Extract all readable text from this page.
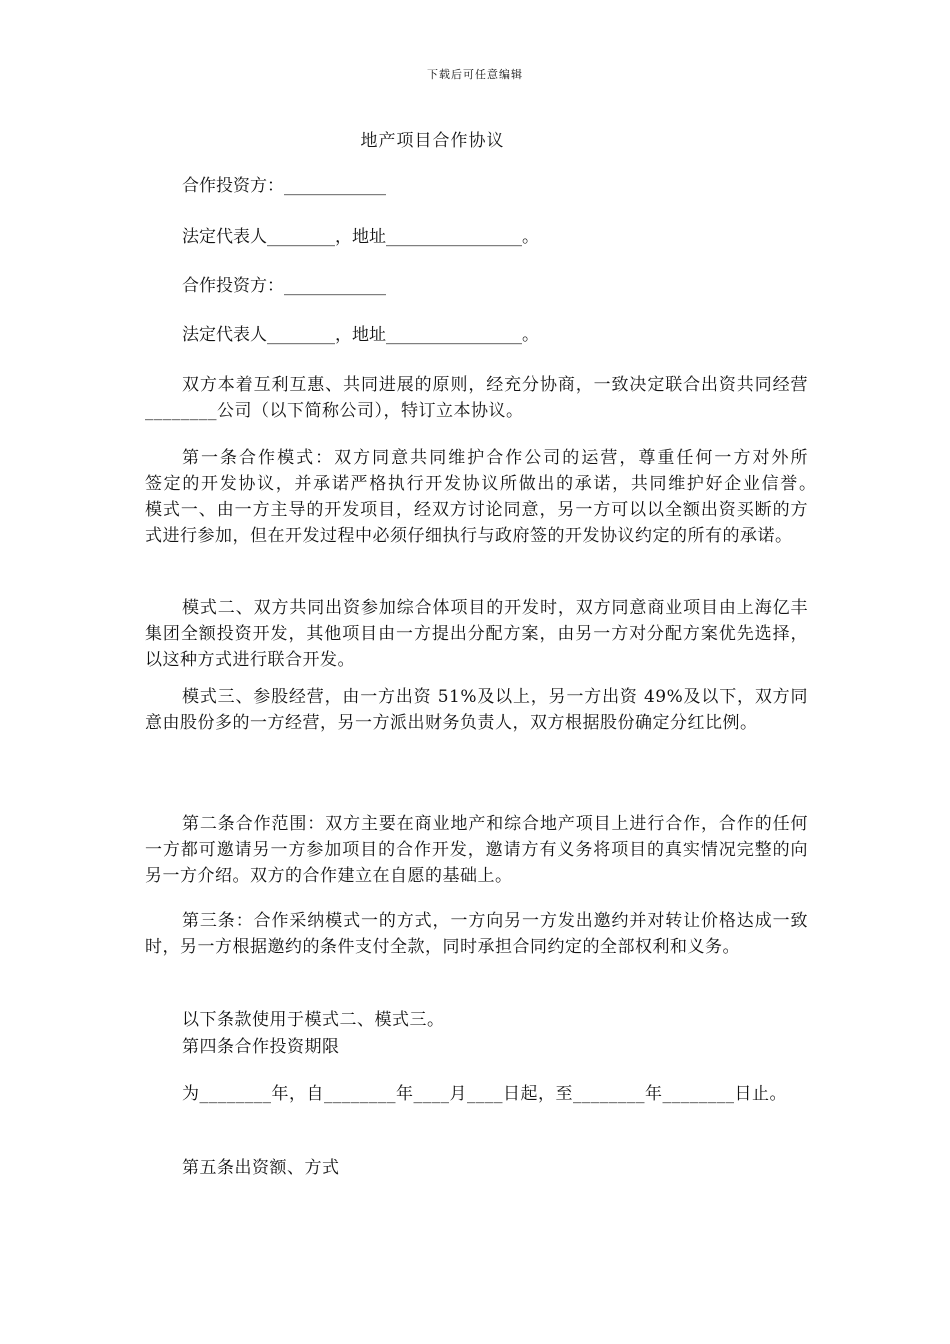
下载后可任意编辑
地产项目合作协议
合作投资方：____________
法定代表人________，地址________________。
合作投资方：____________
法定代表人________，地址________________。

双方本着互利互惠、共同进展的原则，经充分协商，一致决定联合出资共同经营________公司（以下简称公司），特订立本协议。

第一条合作模式：双方同意共同维护合作公司的运营，尊重任何一方对外所　　　签定的开发协议，并承诺严格执行开发协议所做出的承诺，共同维护好企业信誉。　　　　模式一、由一方主导的开发项目，经双方讨论同意，另一方可以以全额出资买断的方式进行参加，但在开发过程中必须仔细执行与政府签的开发协议约定的所有的承诺。

模式二、双方共同出资参加综合体项目的开发时，双方同意商业项目由上海亿丰集团全额投资开发，其他项目由一方提出分配方案，由另一方对分配方案优先选择，以这种方式进行联合开发。

模式三、参股经营，由一方出资 51%及以上，另一方出资 49%及以下，双方同意由股份多的一方经营，另一方派出财务负责人，双方根据股份确定分红比例。

第二条合作范围：双方主要在商业地产和综合地产项目上进行合作，合作的任何一方都可邀请另一方参加项目的合作开发，邀请方有义务将项目的真实情况完整的向另一方介绍。双方的合作建立在自愿的基础上。

第三条：合作采纳模式一的方式，一方向另一方发出邀约并对转让价格达成一致时，另一方根据邀约的条件支付全款，同时承担合同约定的全部权利和义务。

以下条款使用于模式二、模式三。

第四条合作投资期限

为________年，自________年____月____日起，至________年________日止。

第五条出资额、方式
